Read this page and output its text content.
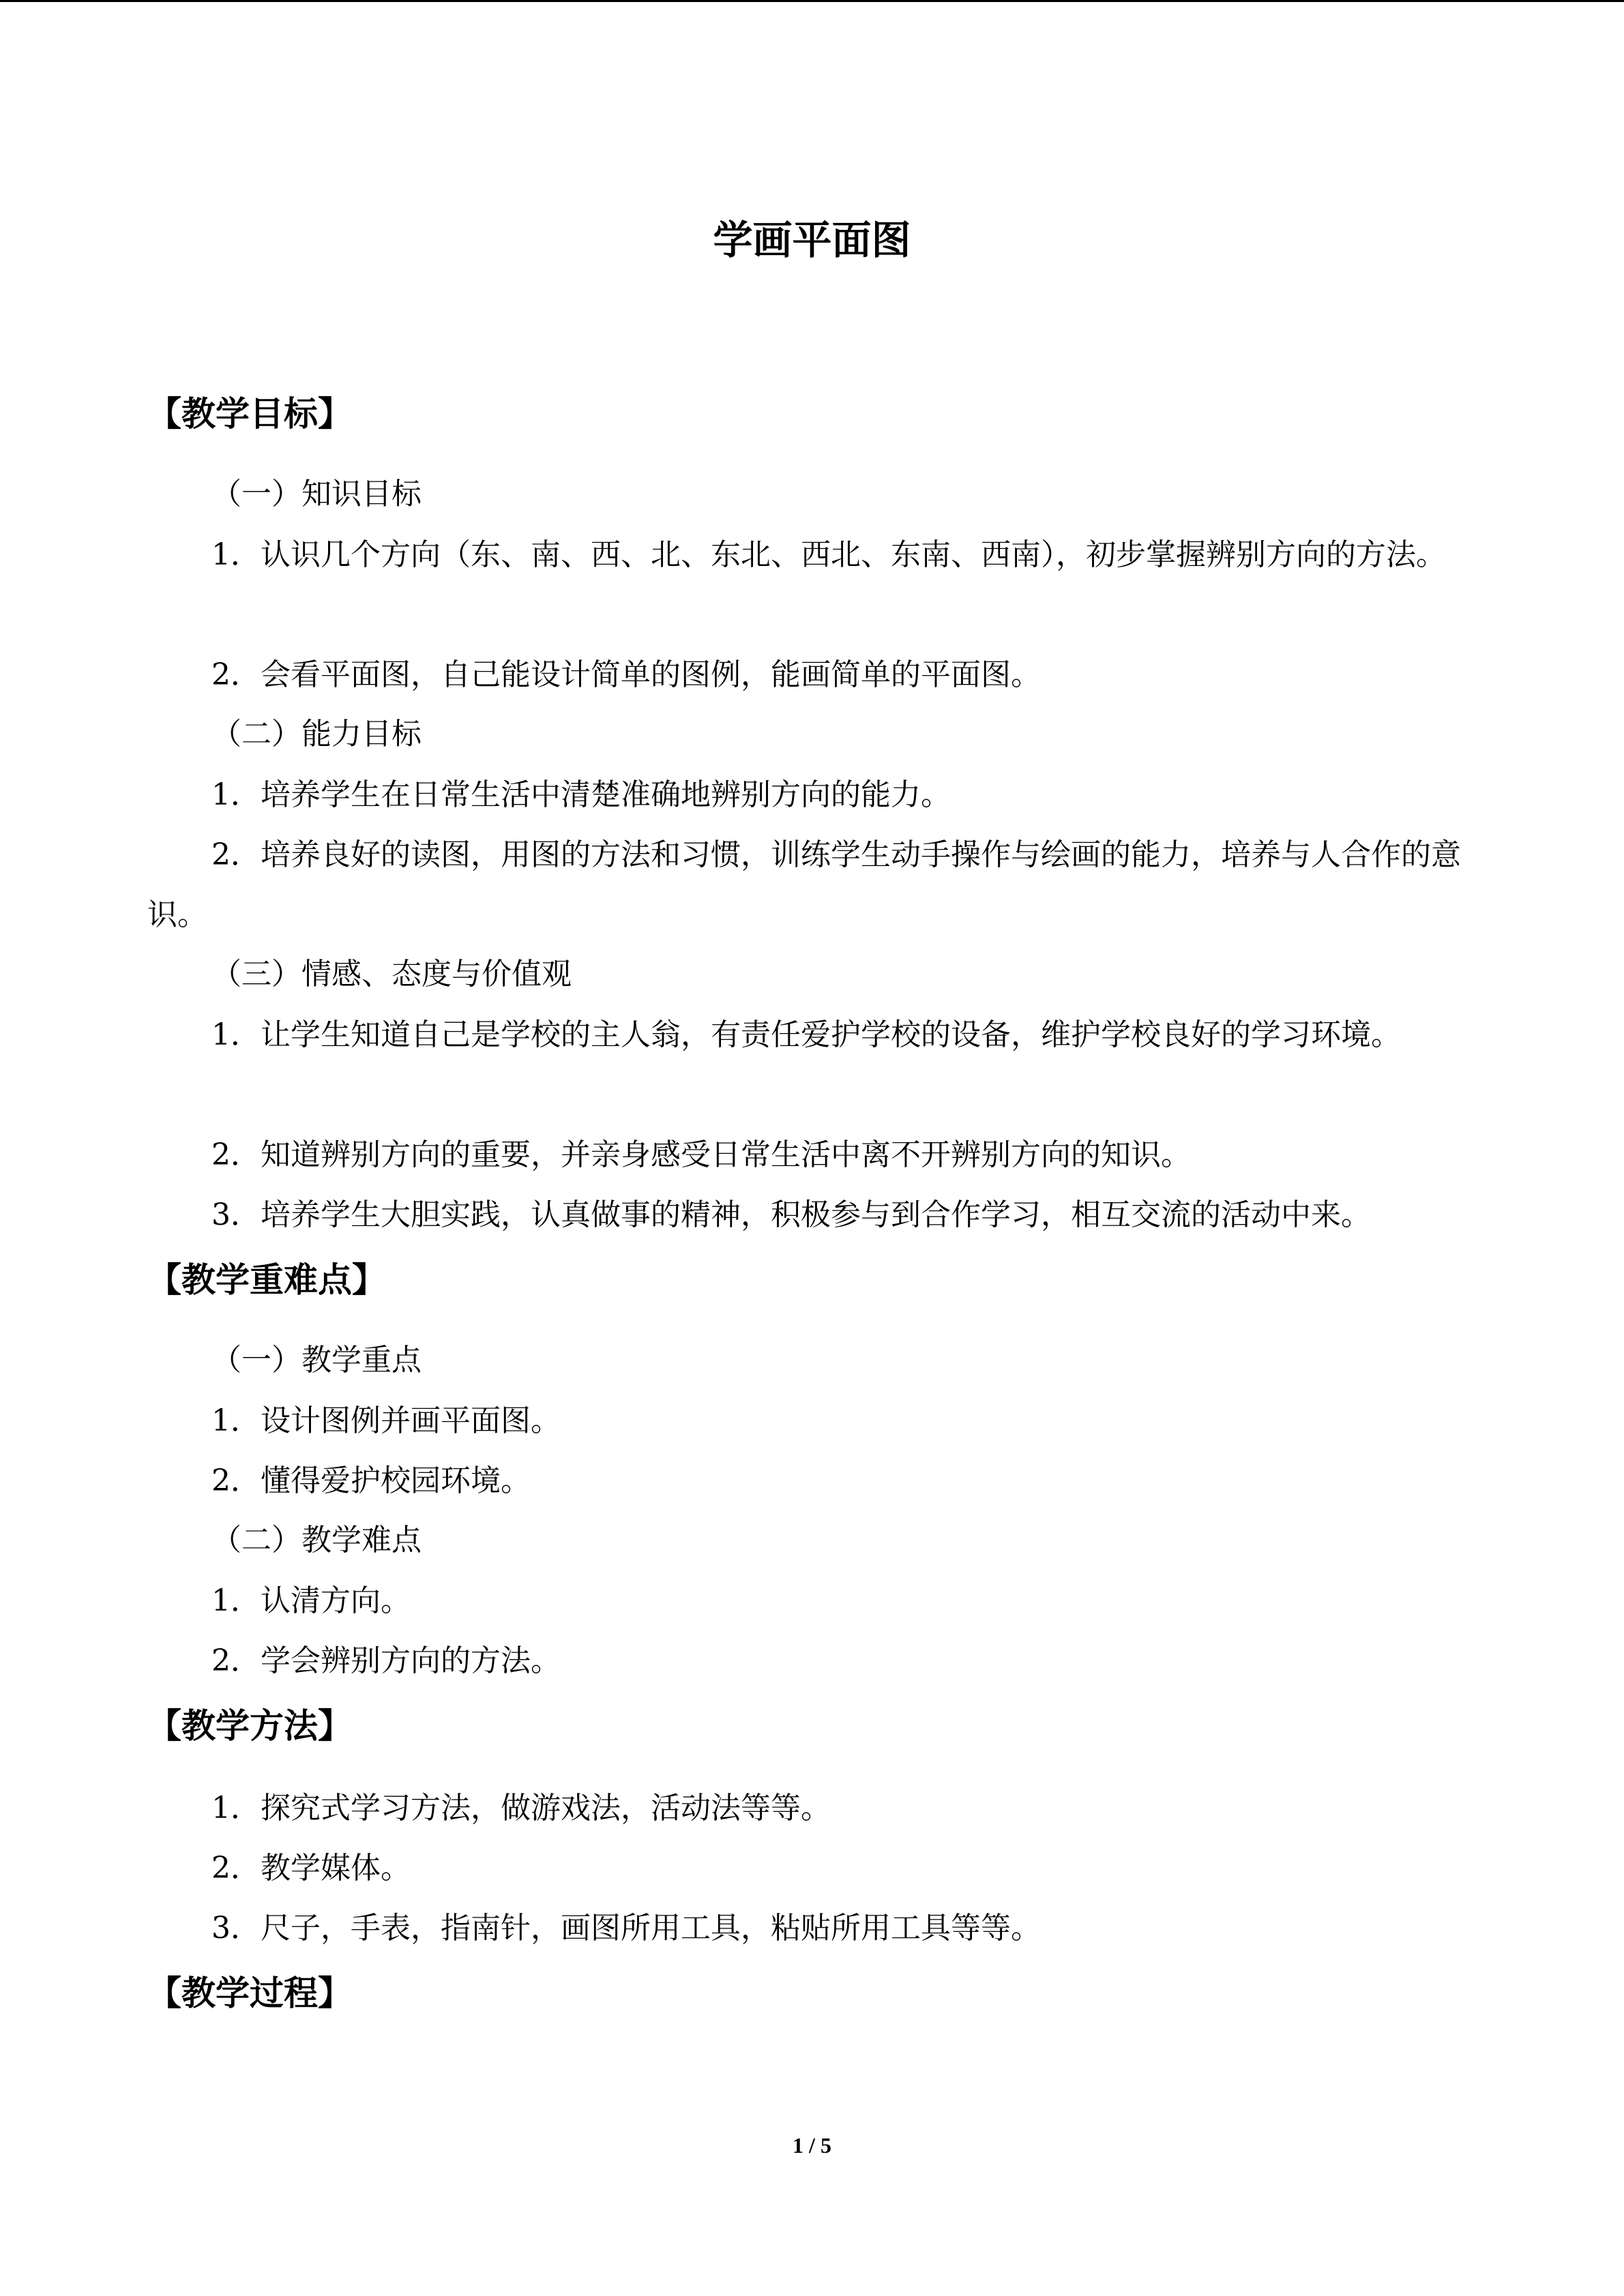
学画平面图
【教学目标】
（一）知识目标
1．认识几个方向（东、南、西、北、东北、西北、东南、西南），初步掌握辨别方向的方法。
2．会看平面图，自己能设计简单的图例，能画简单的平面图。
（二）能力目标
1．培养学生在日常生活中清楚准确地辨别方向的能力。
2．培养良好的读图，用图的方法和习惯，训练学生动手操作与绘画的能力，培养与人合作的意识。
（三）情感、态度与价值观
1．让学生知道自己是学校的主人翁，有责任爱护学校的设备，维护学校良好的学习环境。
2．知道辨别方向的重要，并亲身感受日常生活中离不开辨别方向的知识。
3．培养学生大胆实践，认真做事的精神，积极参与到合作学习，相互交流的活动中来。
【教学重难点】
（一）教学重点
1．设计图例并画平面图。
2．懂得爱护校园环境。
（二）教学难点
1．认清方向。
2．学会辨别方向的方法。
【教学方法】
1．探究式学习方法，做游戏法，活动法等等。
2．教学媒体。
3．尺子，手表，指南针，画图所用工具，粘贴所用工具等等。
【教学过程】
1 / 5
